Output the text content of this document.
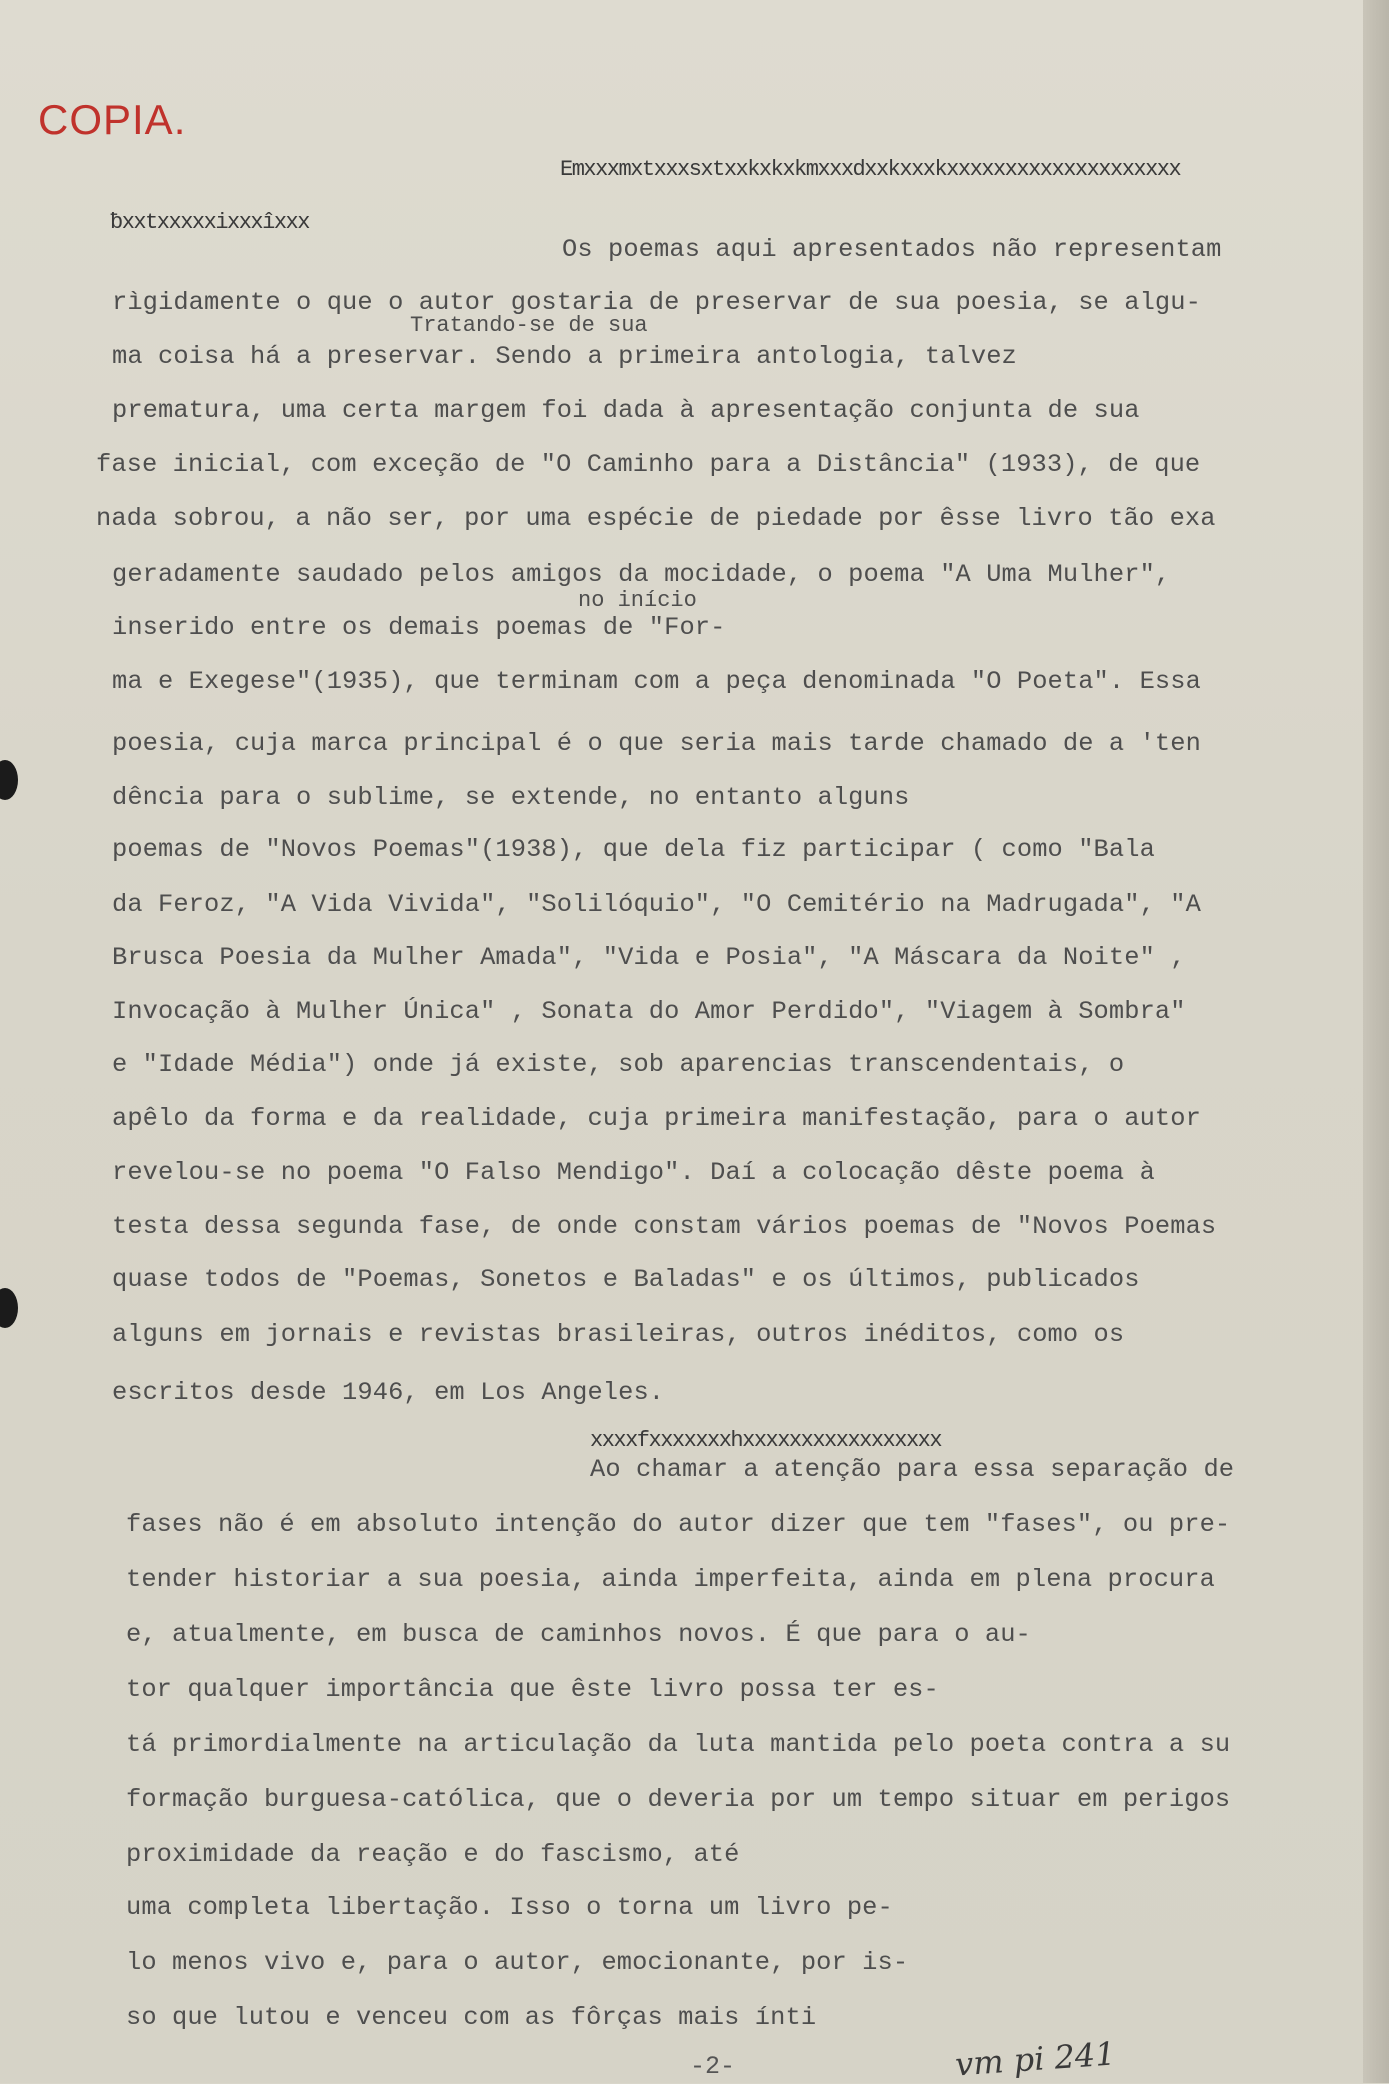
COPIA.
Emxxxmxtxxxsxtxxkxkxkmxxxdxxkxxxkxxxxxxxxxxxxxxxxxxxx
ƀxxtxxxxxixxxîxxx
Os poemas aqui apresentados não representam
rìgidamente o que o autor gostaria de preservar de sua poesia, se algu-
Tratando-se de sua
ma coisa há a preservar. Sendo a primeira antologia, talvez
prematura, uma certa margem foi dada à apresentação conjunta de sua
fase inicial, com exceção de "O Caminho para a Distância" (1933), de que
nada sobrou, a não ser, por uma espécie de piedade por êsse livro tão exa
geradamente saudado pelos amigos da mocidade, o poema "A Uma Mulher",
no início
inserido entre os demais poemas de "For-
ma e Exegese"(1935), que terminam com a peça denominada "O Poeta". Essa
poesia, cuja marca principal é o que seria mais tarde chamado de a 'ten
dência para o sublime, se extende, no entanto alguns
poemas de "Novos Poemas"(1938), que dela fiz participar ( como "Bala
da Feroz, "A Vida Vivida", "Solilóquio", "O Cemitério na Madrugada", "A
Brusca Poesia da Mulher Amada", "Vida e Posia", "A Máscara da Noite" ,
Invocação à Mulher Única" , Sonata do Amor Perdido", "Viagem à Sombra"
e "Idade Média") onde já existe, sob aparencias transcendentais, o
apêlo da forma e da realidade, cuja primeira manifestação, para o autor
revelou-se no poema "O Falso Mendigo". Daí a colocação dêste poema à
testa dessa segunda fase, de onde constam vários poemas de "Novos Poemas
quase todos de "Poemas, Sonetos e Baladas" e os últimos, publicados
alguns em jornais e revistas brasileiras, outros inéditos, como os
escritos desde 1946, em Los Angeles.
xxxxfxxxxxxxhxxxxxxxxxxxxxxxxx
Ao chamar a atenção para essa separação de
fases não é em absoluto intenção do autor dizer que tem "fases", ou pre-
tender historiar a sua poesia, ainda imperfeita, ainda em plena procura
e, atualmente, em busca de caminhos novos. É que para o au-
tor qualquer importância que êste livro possa ter es-
tá primordialmente na articulação da luta mantida pelo poeta contra a su
formação burguesa-católica, que o deveria por um tempo situar em perigos
proximidade da reação e do fascismo, até
uma completa libertação. Isso o torna um livro pe-
lo menos vivo e, para o autor, emocionante, por is-
so que lutou e venceu com as fôrças mais ínti
-2-	vm pi 241
